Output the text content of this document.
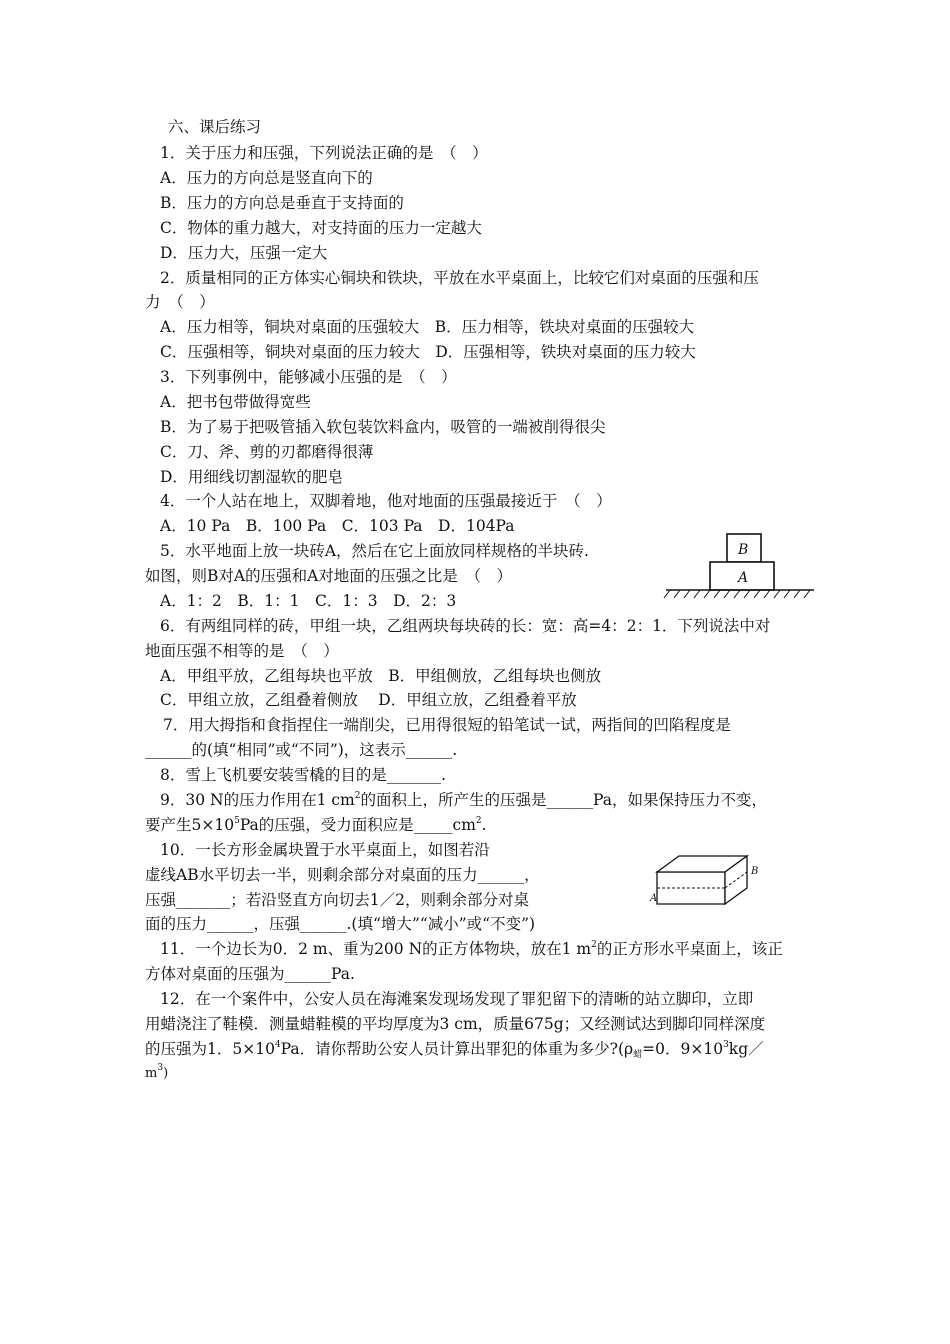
六、课后练习
1．关于压力和压强，下列说法正确的是　（　）
A．压力的方向总是竖直向下的
B．压力的方向总是垂直于支持面的
C．物体的重力越大，对支持面的压力一定越大
D．压力大，压强一定大
2．质量相同的正方体实心铜块和铁块，平放在水平桌面上，比较它们对桌面的压强和压
力　（　）
A．压力相等，铜块对桌面的压强较大　B．压力相等，铁块对桌面的压强较大
C．压强相等，铜块对桌面的压力较大　D．压强相等，铁块对桌面的压力较大
3．下列事例中，能够减小压强的是　（　）
A．把书包带做得宽些
B．为了易于把吸管插入软包装饮料盒内，吸管的一端被削得很尖
C．刀、斧、剪的刃都磨得很薄
D．用细线切割湿软的肥皂
4．一个人站在地上，双脚着地，他对地面的压强最接近于　（　）
A．10 Pa　B．100 Pa　C．103 Pa　D．104Pa
5．水平地面上放一块砖A，然后在它上面放同样规格的半块砖.
如图，则B对A的压强和A对地面的压强之比是　（　）
A．1：2　B．1：1　C．1：3　D．2：3
B
A
6．有两组同样的砖，甲组一块，乙组两块每块砖的长：宽：高=4：2：1．下列说法中对
地面压强不相等的是　（　）
A．甲组平放，乙组每块也平放　B．甲组侧放，乙组每块也侧放
C．甲组立放，乙组叠着侧放　 D．甲组立放，乙组叠着平放
7．用大拇指和食指捏住一端削尖，已用得很短的铅笔试一试，两指间的凹陷程度是
______的(填“相同”或“不同”)，这表示______.
8．雪上飞机要安装雪橇的目的是_______.
9．30 N的压力作用在1 $cm^2$的面积上，所产生的压强是______Pa，如果保持压力不变，
要产生$5\times 10^5Pa$的压强，受力面积应是$\_\_\_\_\_cm^2$.
10．一长方形金属块置于水平桌面上，如图若沿
虚线AB水平切去一半，则剩余部分对桌面的压力______，
压强_______；若沿竖直方向切去1／2，则剩余部分对桌
面的压力______，压强______.(填“增大”“减小”或“不变”)
A
B
11．一个边长为0．2 m、重为200 N的正方体物块，放在1 $m^2$的正方形水平桌面上，该正
方体对桌面的压强为______Pa.
12．在一个案件中，公安人员在海滩案发现场发现了罪犯留下的清晰的站立脚印，立即
用蜡浇注了鞋模．测量蜡鞋模的平均厚度为3 cm，质量675g；又经测试达到脚印同样深度
的压强为1．$5\times 10^4Pa$．请你帮助公安人员计算出罪犯的体重为多少$?(\rho_蜡=0$．$9\times 10^3kg/$
$m^3$)
